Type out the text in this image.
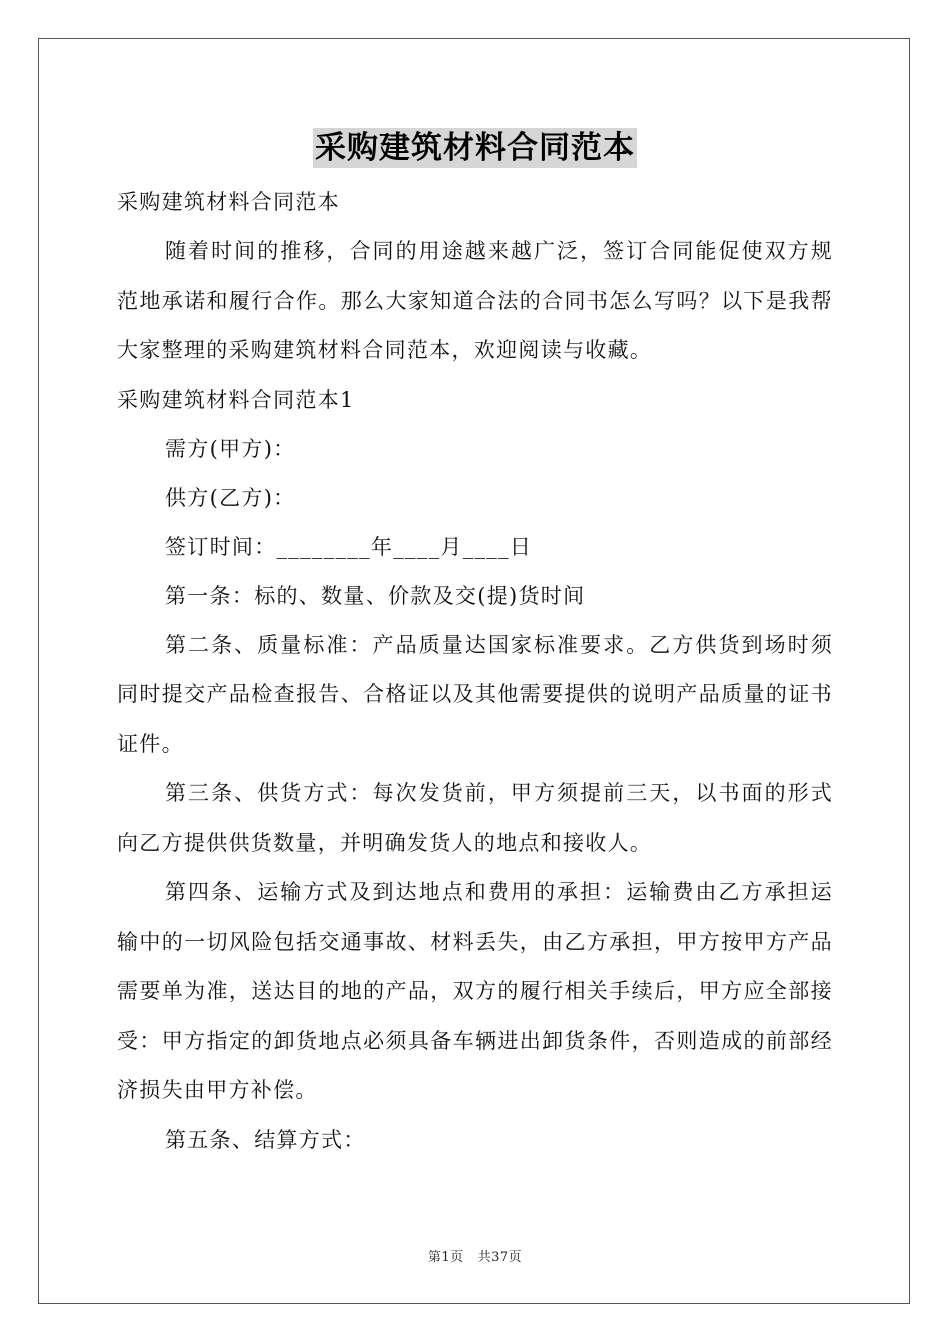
采购建筑材料合同范本
采购建筑材料合同范本
随着时间的推移，合同的用途越来越广泛，签订合同能促使双方规范地承诺和履行合作。那么大家知道合法的合同书怎么写吗？以下是我帮大家整理的采购建筑材料合同范本，欢迎阅读与收藏。
采购建筑材料合同范本1
需方(甲方)：
供方(乙方)：
签订时间：________年____月____日
第一条：标的、数量、价款及交(提)货时间
第二条、质量标准：产品质量达国家标准要求。乙方供货到场时须同时提交产品检查报告、合格证以及其他需要提供的说明产品质量的证书证件。
第三条、供货方式：每次发货前，甲方须提前三天，以书面的形式向乙方提供供货数量，并明确发货人的地点和接收人。
第四条、运输方式及到达地点和费用的承担：运输费由乙方承担运输中的一切风险包括交通事故、材料丢失，由乙方承担，甲方按甲方产品需要单为准，送达目的地的产品，双方的履行相关手续后，甲方应全部接受：甲方指定的卸货地点必须具备车辆进出卸货条件，否则造成的前部经济损失由甲方补偿。
第五条、结算方式：
第1页 共37页
